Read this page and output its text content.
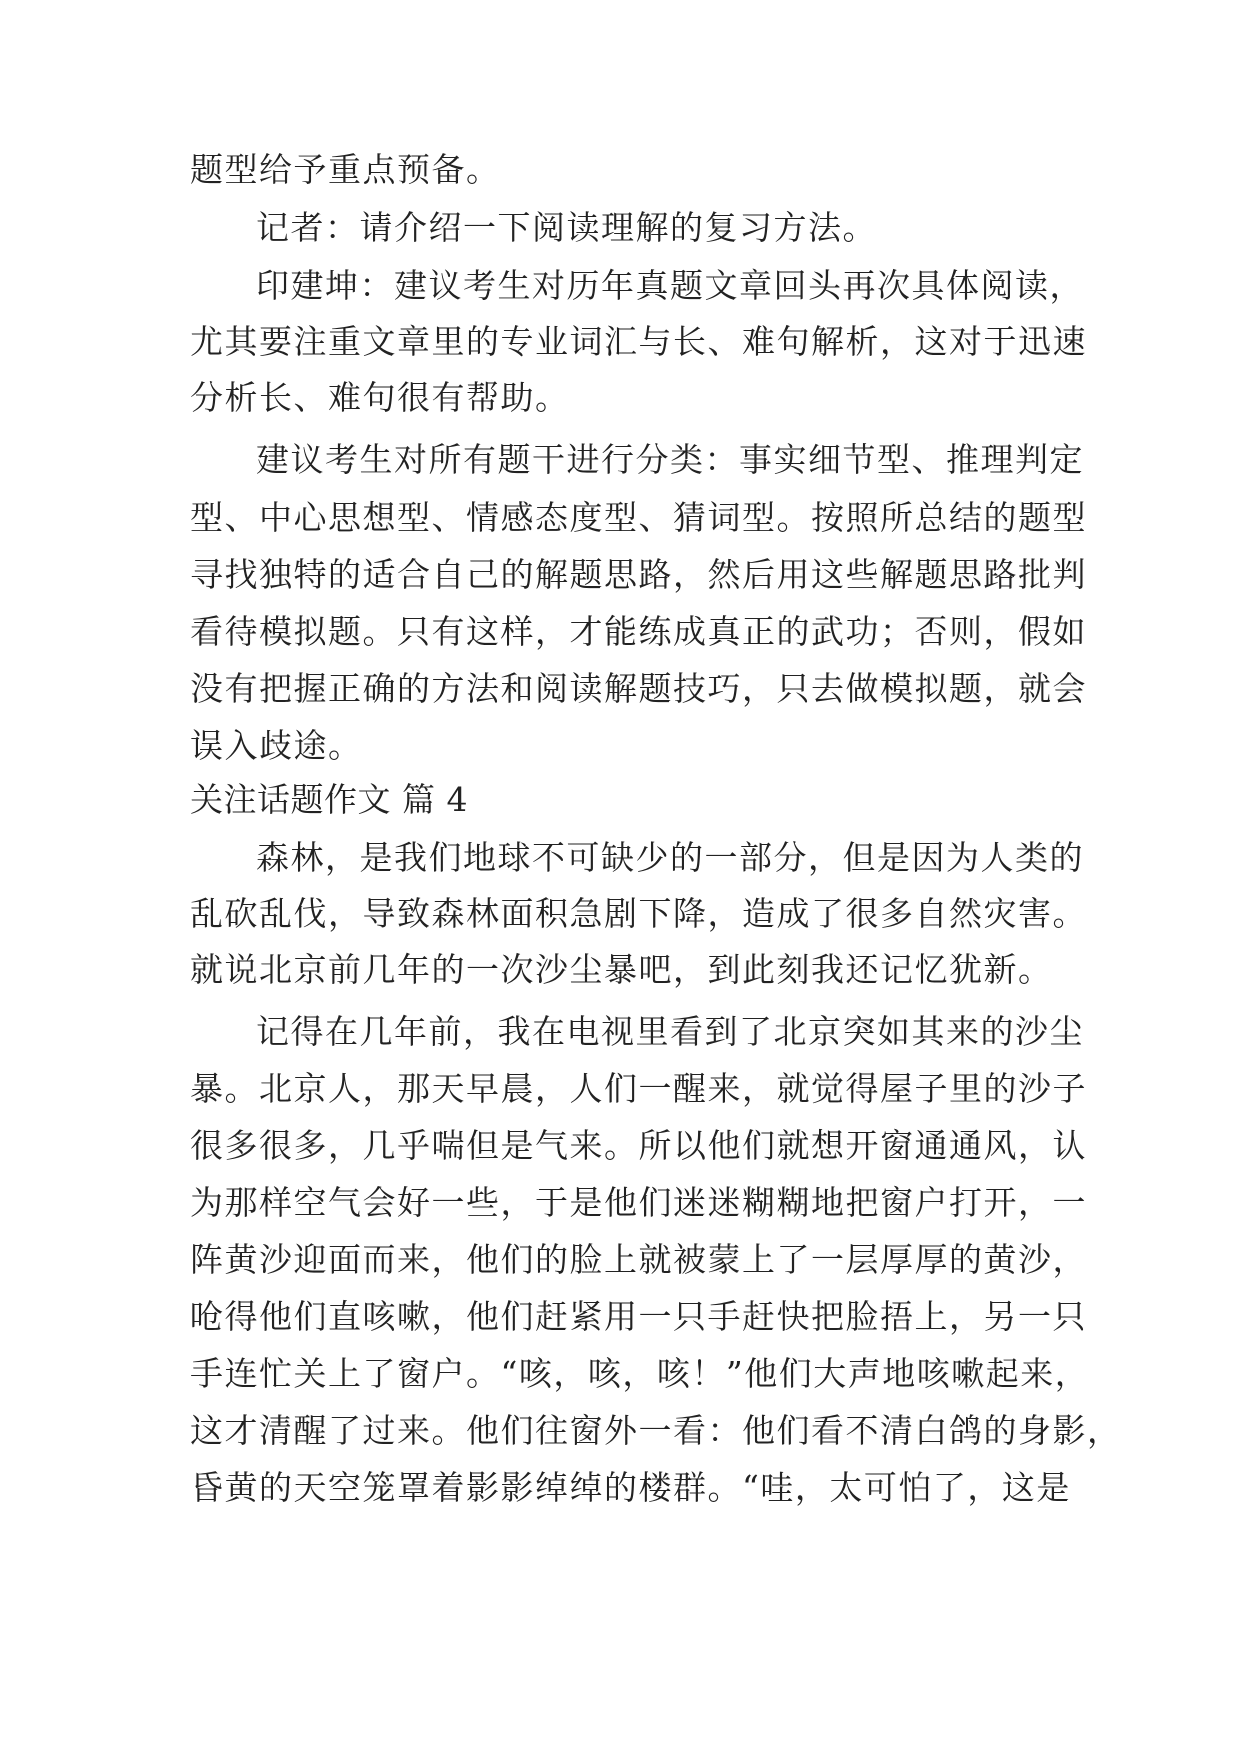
题型给予重点预备。
记者：请介绍一下阅读理解的复习方法。
印建坤：建议考生对历年真题文章回头再次具体阅读，
尤其要注重文章里的专业词汇与长、难句解析，这对于迅速
分析长、难句很有帮助。
建议考生对所有题干进行分类：事实细节型、推理判定
型、中心思想型、情感态度型、猜词型。按照所总结的题型
寻找独特的适合自己的解题思路，然后用这些解题思路批判
看待模拟题。只有这样，才能练成真正的武功；否则，假如
没有把握正确的方法和阅读解题技巧，只去做模拟题，就会
误入歧途。
关注话题作文 篇 4
森林，是我们地球不可缺少的一部分，但是因为人类的
乱砍乱伐，导致森林面积急剧下降，造成了很多自然灾害。
就说北京前几年的一次沙尘暴吧，到此刻我还记忆犹新。
记得在几年前，我在电视里看到了北京突如其来的沙尘
暴。北京人，那天早晨，人们一醒来，就觉得屋子里的沙子
很多很多，几乎喘但是气来。所以他们就想开窗通通风，认
为那样空气会好一些，于是他们迷迷糊糊地把窗户打开，一
阵黄沙迎面而来，他们的脸上就被蒙上了一层厚厚的黄沙，
呛得他们直咳嗽，他们赶紧用一只手赶快把脸捂上，另一只
手连忙关上了窗户。“咳，咳，咳！”他们大声地咳嗽起来，
这才清醒了过来。他们往窗外一看：他们看不清白鸽的身影，
昏黄的天空笼罩着影影绰绰的楼群。“哇，太可怕了，这是
